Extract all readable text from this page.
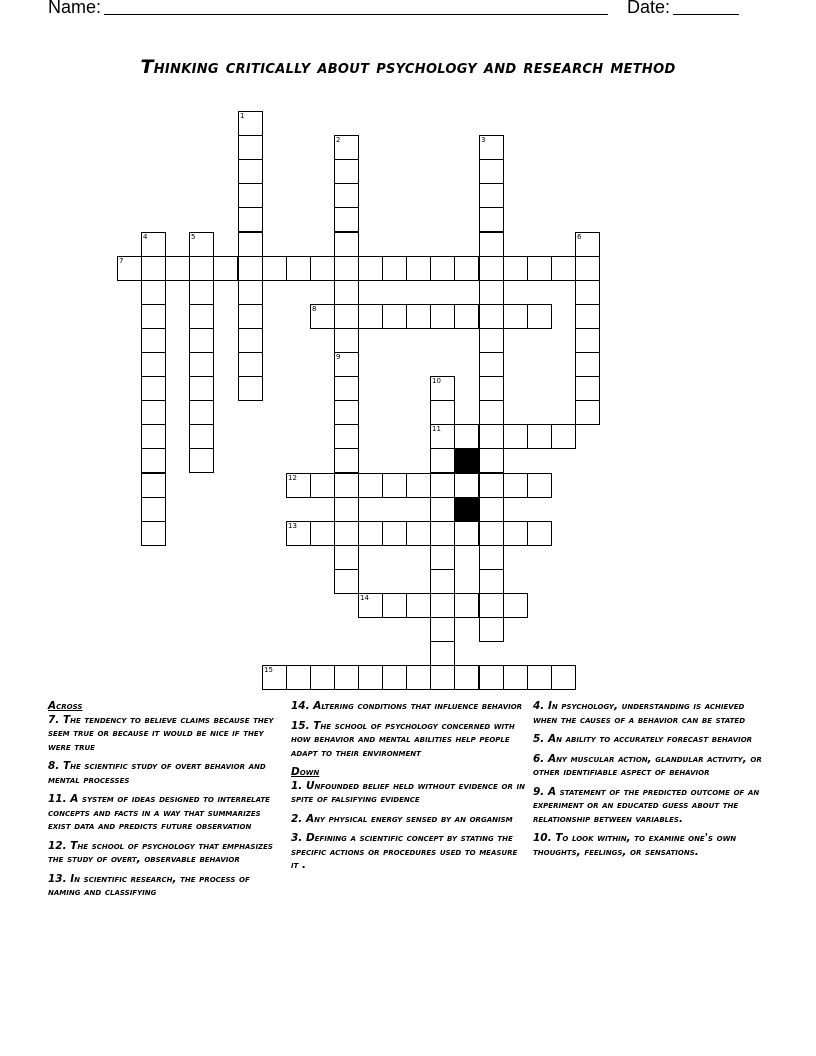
Name:	Date:
Thinking critically about psychology and research method
1
2
9
3
4	5	6
7
8
10
11
12
13
14
15

Across

7. The tendency to believe claims because they seem true or because it would be nice if they were true

8. The scientific study of overt behavior and mental processes

11. A system of ideas designed to interrelate concepts and facts in a way that summarizes exist data and predicts future observation

12. The school of psychology that emphasizes the study of overt, observable behavior

13. In scientific research, the process of naming and classifying

14. Altering conditions that influence behavior

15. The school of psychology concerned with how behavior and mental abilities help people adapt to their environment

Down

1. Unfounded belief held without evidence or in spite of falsifying evidence

2. Any physical energy sensed by an organism

3. Defining a scientific concept by stating the specific actions or procedures used to measure it .

4. In psychology, understanding is achieved when the causes of a behavior can be stated

5. An ability to accurately forecast behavior

6. Any muscular action, glandular activity, or other identifiable aspect of behavior

9. A statement of the predicted outcome of an experiment or an educated guess about the relationship between variables.

10. To look within, to examine one's own thoughts, feelings, or sensations.
